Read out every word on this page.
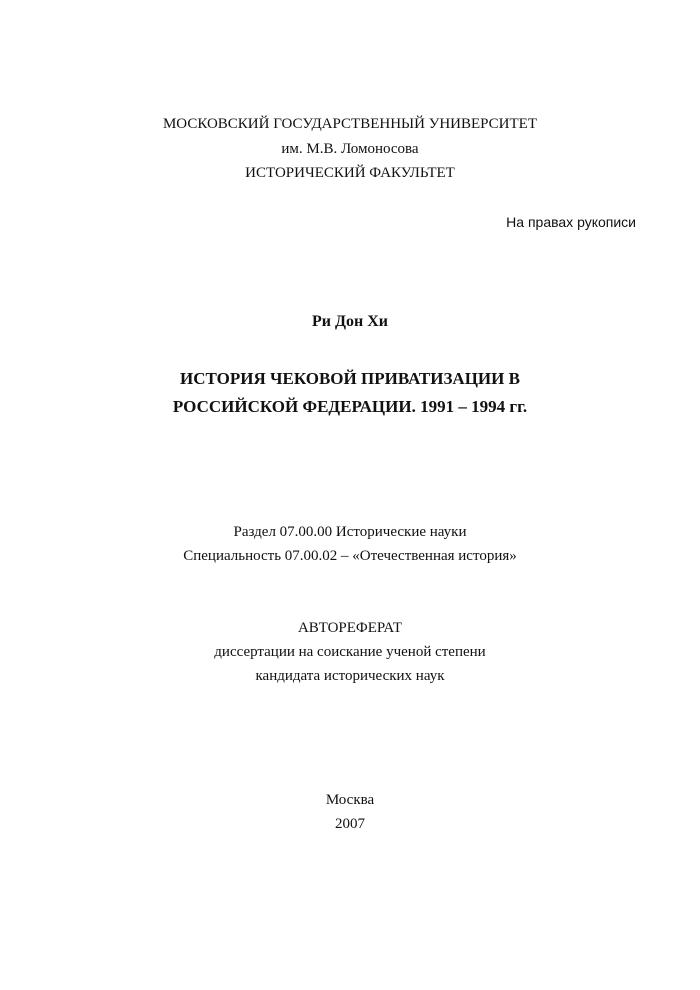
МОСКОВСКИЙ ГОСУДАРСТВЕННЫЙ УНИВЕРСИТЕТ
им. М.В. Ломоносова
ИСТОРИЧЕСКИЙ ФАКУЛЬТЕТ
На правах рукописи
Ри Дон Хи
ИСТОРИЯ ЧЕКОВОЙ ПРИВАТИЗАЦИИ В
РОССИЙСКОЙ ФЕДЕРАЦИИ. 1991 – 1994 гг.
Раздел 07.00.00 Исторические науки
Специальность 07.00.02 – «Отечественная история»
АВТОРЕФЕРАТ
диссертации на соискание ученой степени
кандидата исторических наук
Москва
2007
